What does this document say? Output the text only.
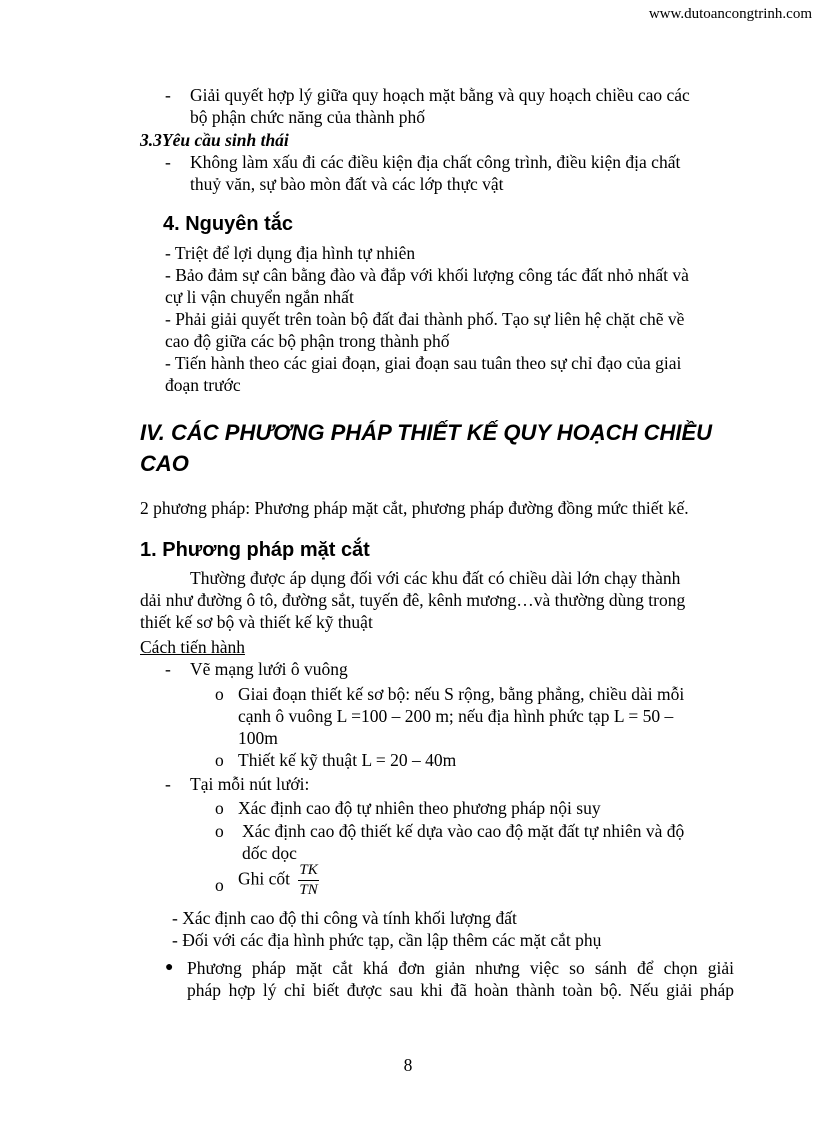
www.dutoancongtrinh.com
- Giải quyết hợp lý giữa quy hoạch mặt bằng và quy hoạch chiều cao các
bộ phận chức năng của thành phố
3.3Yêu cầu sinh thái
- Không làm xấu đi các điều kiện địa chất công trình, điều kiện địa chất
thuỷ văn, sự bào mòn đất và các lớp thực vật
4. Nguyên tắc
- Triệt để lợi dụng địa hình tự nhiên
- Bảo đảm sự cân bằng đào và đắp với khối lượng công tác đất nhỏ nhất và
cự li vận chuyển ngắn nhất
- Phải giải quyết trên toàn bộ đất đai thành phố. Tạo sự liên hệ chặt chẽ về
cao độ giữa các bộ phận trong thành phố
- Tiến hành theo các giai đoạn, giai đoạn sau tuân theo sự chỉ đạo của giai
đoạn trước
IV. CÁC PHƯƠNG PHÁP THIẾT KẾ QUY HOẠCH CHIỀU
CAO
2 phương pháp: Phương pháp mặt cắt, phương pháp đường đồng mức thiết kế.
1. Phương pháp mặt cắt
Thường được áp dụng đối với các khu đất có chiều dài lớn chạy thành
dải như đường ô tô, đường sắt, tuyến đê, kênh mương…và thường dùng trong
thiết kế sơ bộ và thiết kế kỹ thuật
Cách tiến hành
- Vẽ mạng lưới ô vuông
o Giai đoạn thiết kế sơ bộ: nếu S rộng, bằng phẳng, chiều dài mỗi
cạnh ô vuông L =100 – 200 m; nếu địa hình phức tạp L = 50 –
100m
o Thiết kế kỹ thuật L = 20 – 40m
- Tại mỗi nút lưới:
o Xác định cao độ tự nhiên theo phương pháp nội suy
o Xác định cao độ thiết kế dựa vào cao độ mặt đất tự nhiên và độ
dốc dọc
o Ghi cốt $\frac{TK}{TN}$
- Xác định cao độ thi công và tính khối lượng đất
- Đối với các địa hình phức tạp, cần lập thêm các mặt cắt phụ
● Phương pháp mặt cắt khá đơn giản nhưng việc so sánh để chọn giải
pháp hợp lý chỉ biết được sau khi đã hoàn thành toàn bộ. Nếu giải pháp
8
